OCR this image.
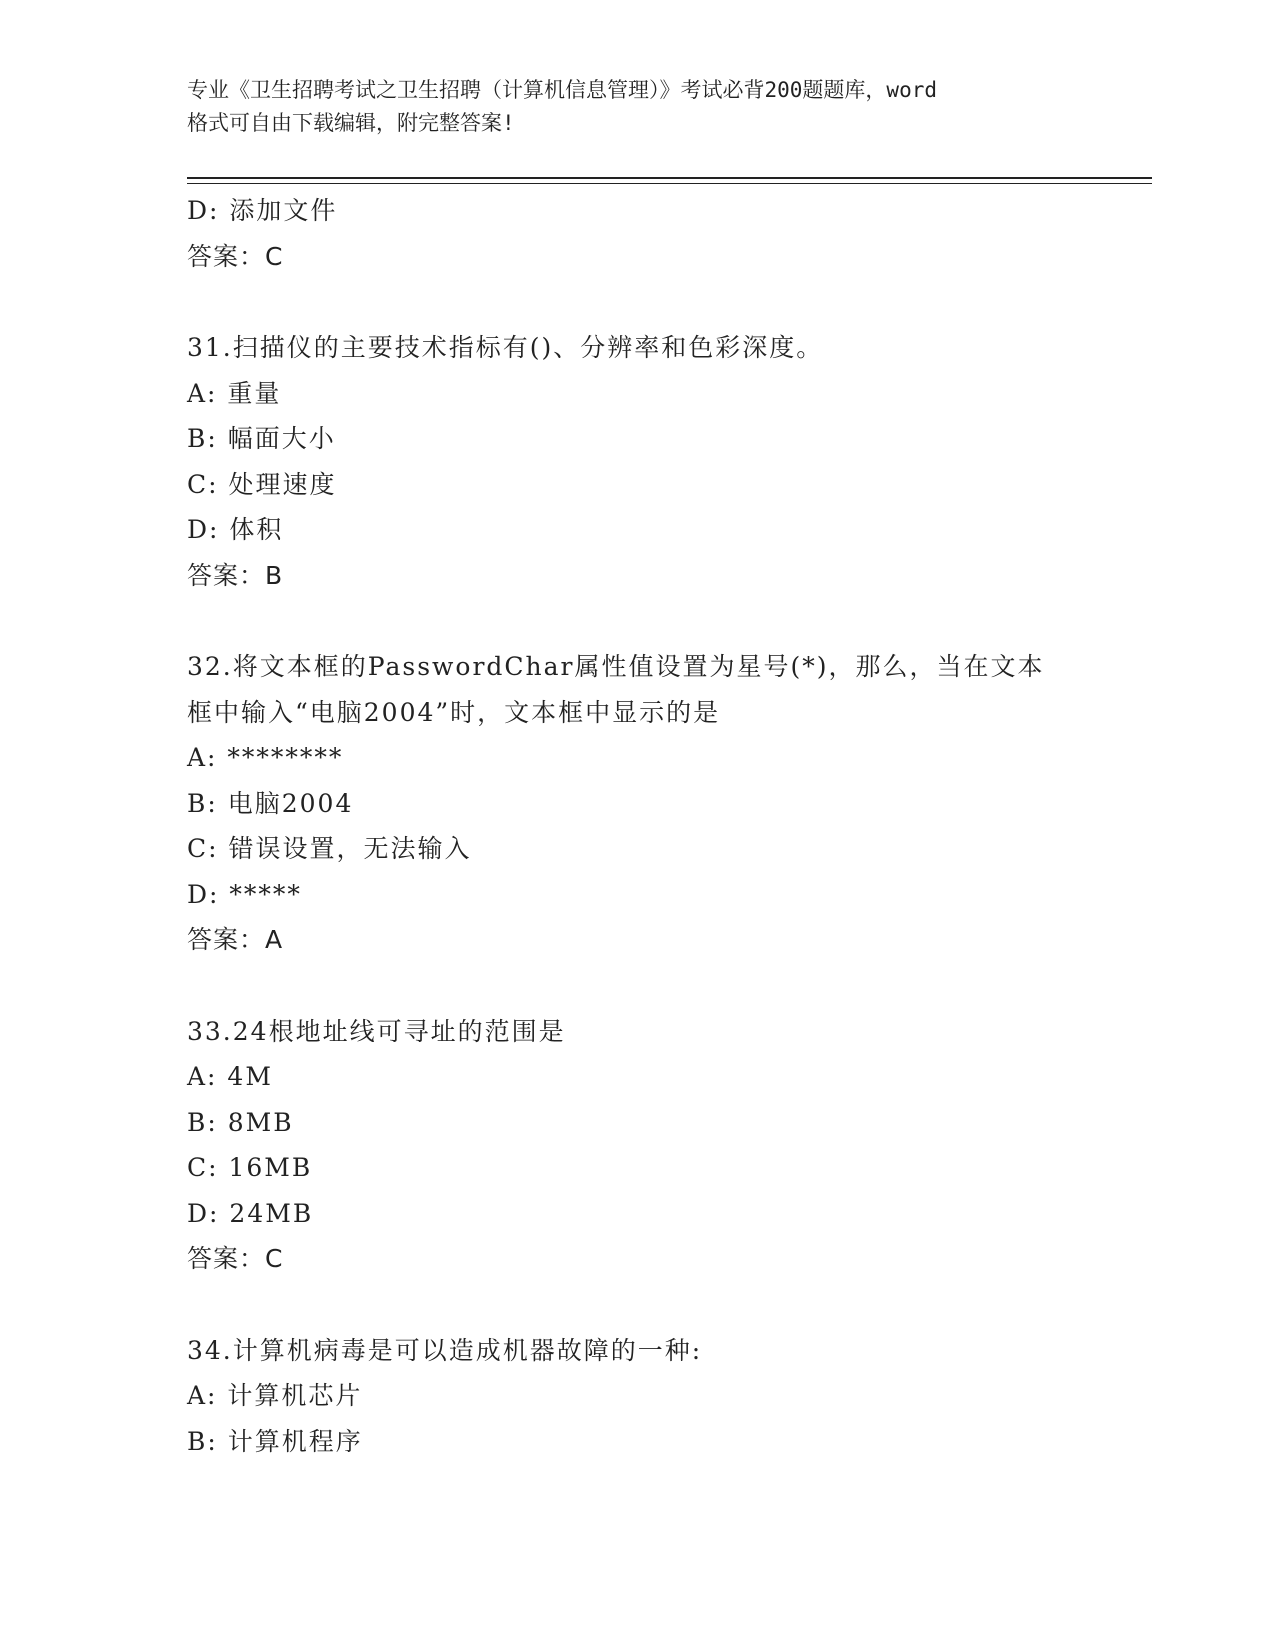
专业《卫生招聘考试之卫生招聘（计算机信息管理）》考试必背200题题库，word
格式可自由下载编辑，附完整答案!
D: 添加文件
答案：C
31.扫描仪的主要技术指标有()、分辨率和色彩深度。
A: 重量
B: 幅面大小
C: 处理速度
D: 体积
答案：B
32.将文本框的PasswordChar属性值设置为星号(*)，那么，当在文本
框中输入“电脑2004”时，文本框中显示的是
A: ********
B: 电脑2004
C: 错误设置，无法输入
D: *****
答案：A
33.24根地址线可寻址的范围是
A: 4M
B: 8MB
C: 16MB
D: 24MB
答案：C
34.计算机病毒是可以造成机器故障的一种:
A: 计算机芯片
B: 计算机程序
